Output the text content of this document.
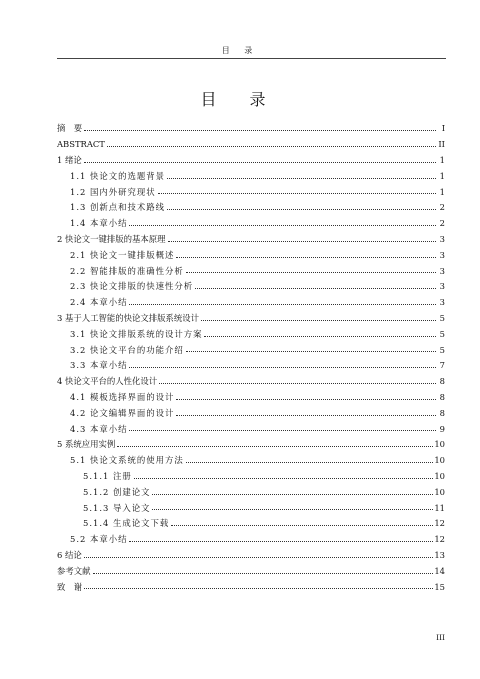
目 录
目 录
摘　要	I
ABSTRACT	II
1 绪论	1
1.1 快论文的选题背景	1
1.2 国内外研究现状	1
1.3 创新点和技术路线	2
1.4 本章小结	2
2 快论文一键排版的基本原理	3
2.1 快论文一键排版概述	3
2.2 智能排版的准确性分析	3
2.3 快论文排版的快速性分析	3
2.4 本章小结	3
3 基于人工智能的快论文排版系统设计	5
3.1 快论文排版系统的设计方案	5
3.2 快论文平台的功能介绍	5
3.3 本章小结	7
4 快论文平台的人性化设计	8
4.1 模板选择界面的设计	8
4.2 论文编辑界面的设计	8
4.3 本章小结	9
5 系统应用实例	10
5.1 快论文系统的使用方法	10
5.1.1 注册	10
5.1.2 创建论文	10
5.1.3 导入论文	11
5.1.4 生成论文下载	12
5.2 本章小结	12
6 结论	13
参考文献	14
致　谢	15
III
